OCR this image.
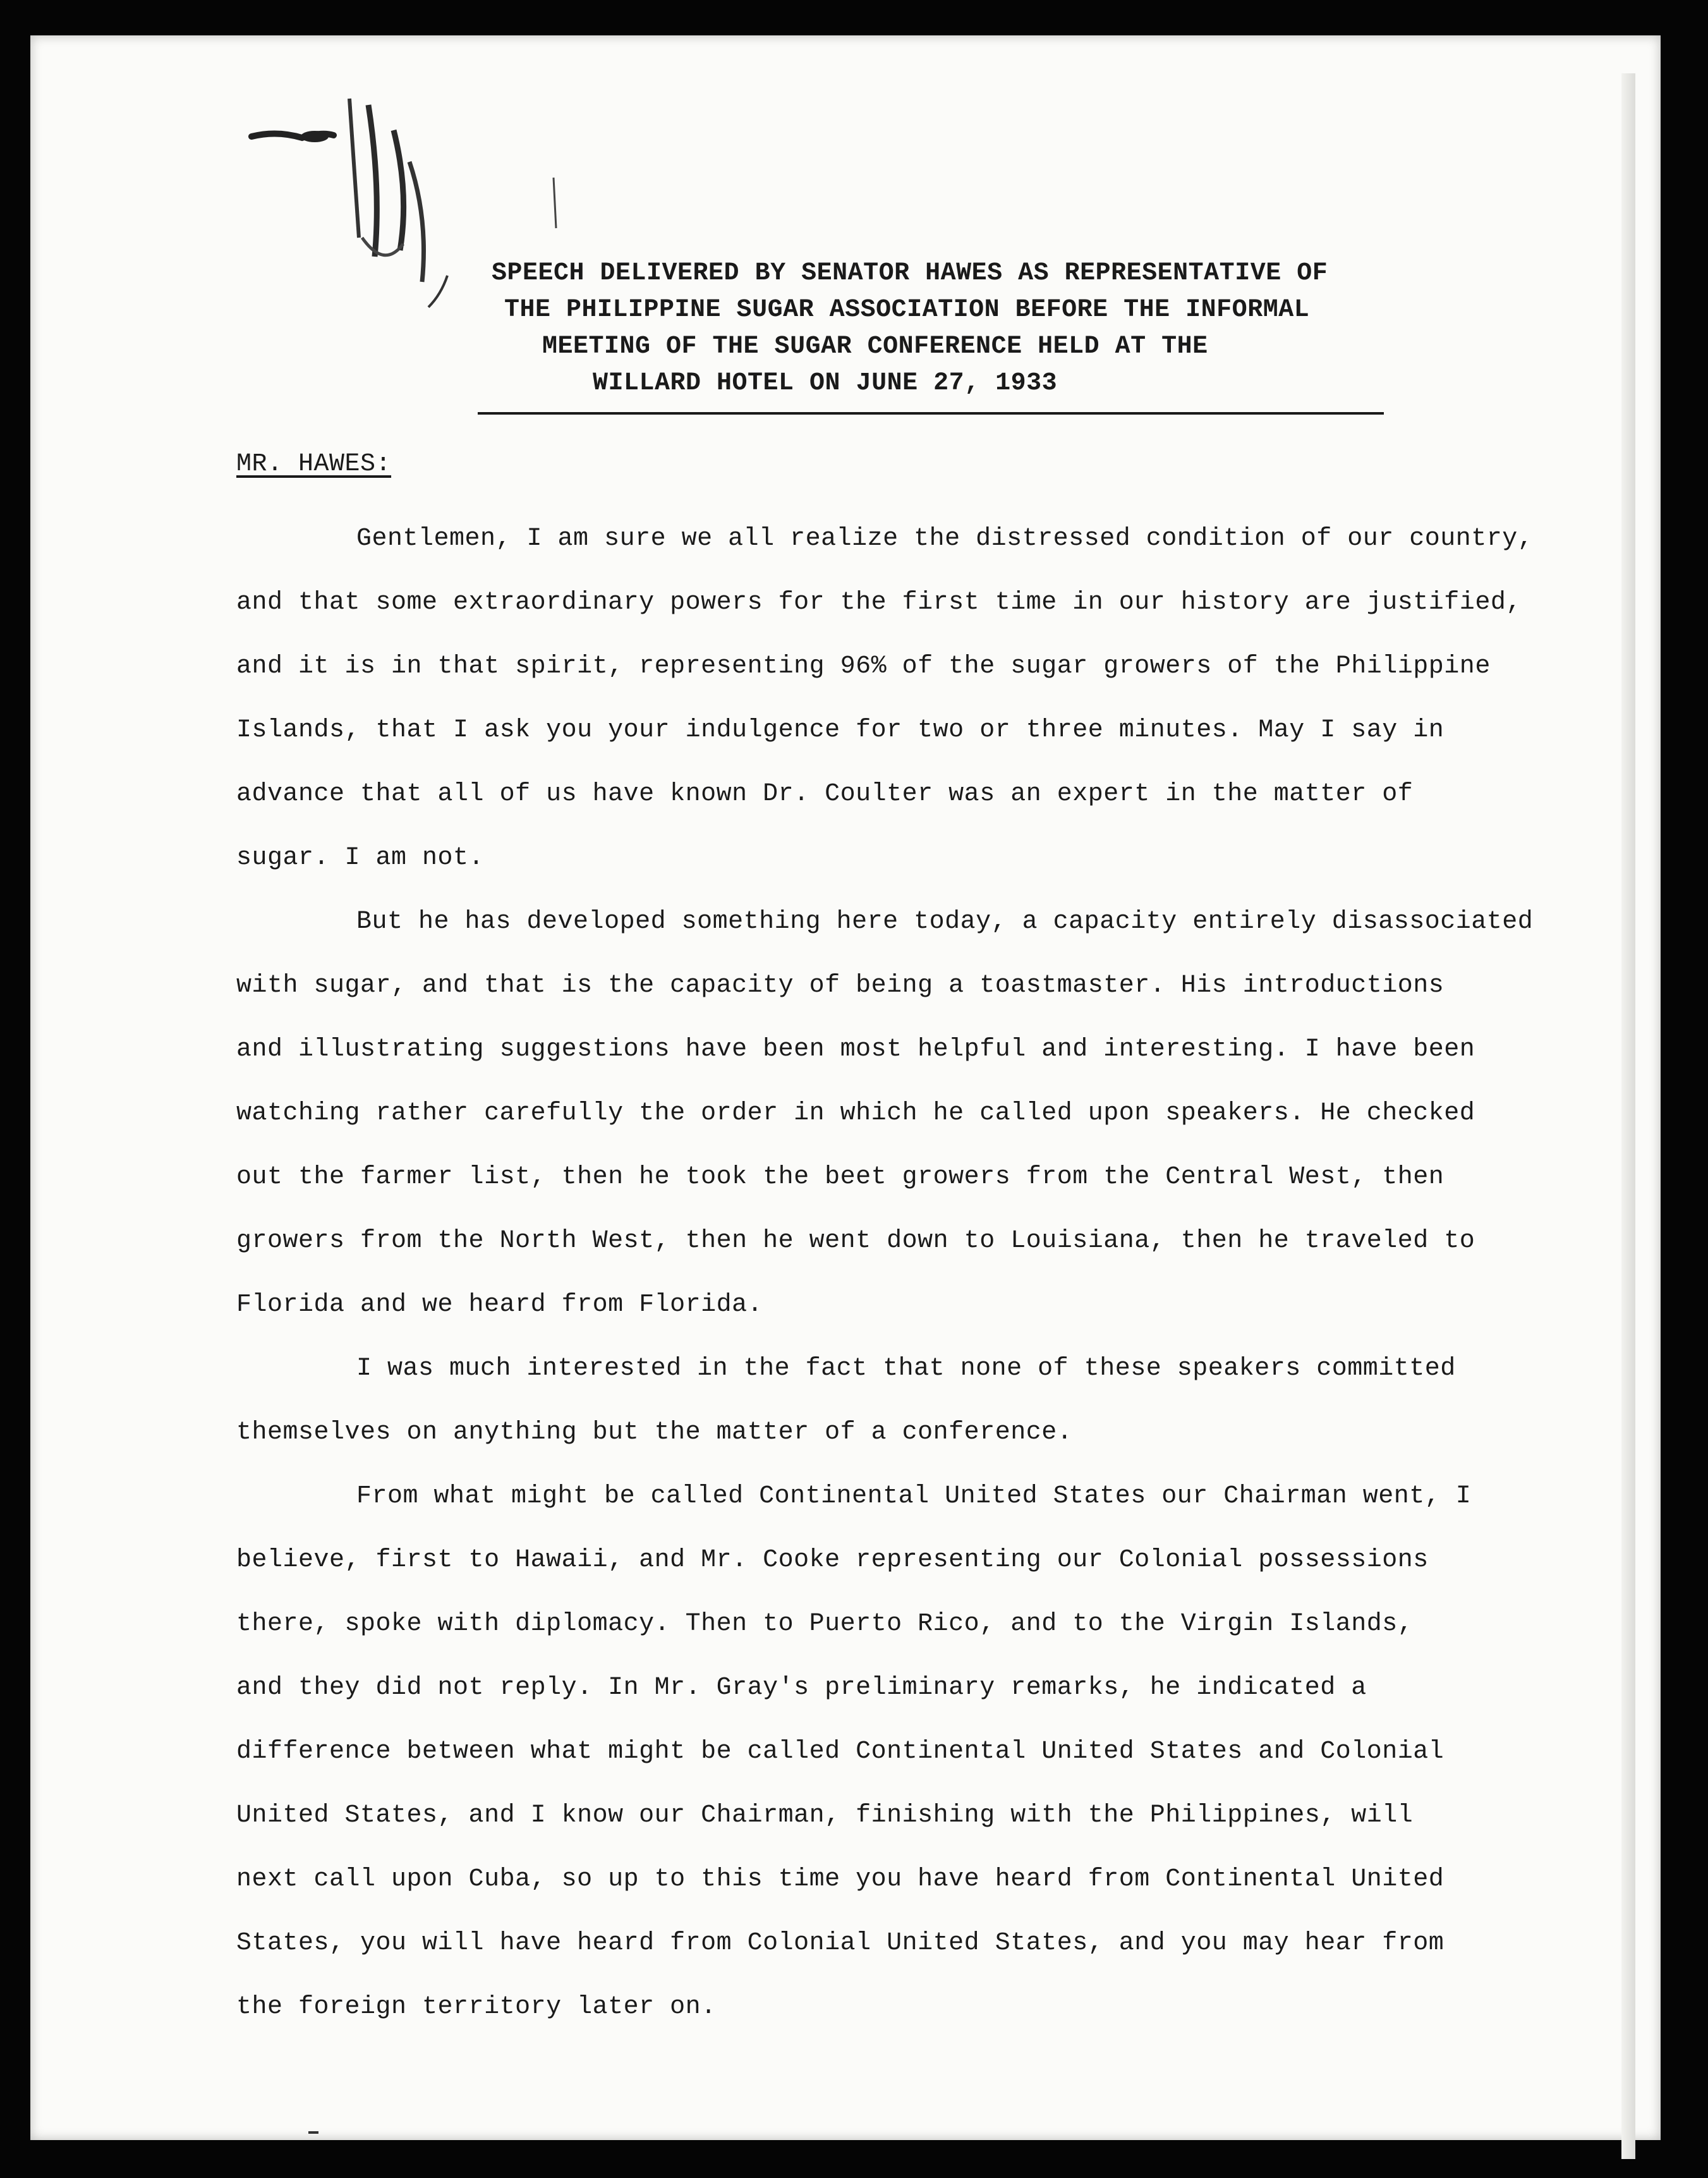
SPEECH DELIVERED BY SENATOR HAWES AS REPRESENTATIVE OF
THE PHILIPPINE SUGAR ASSOCIATION BEFORE THE INFORMAL
MEETING OF THE SUGAR CONFERENCE HELD AT THE
WILLARD HOTEL ON JUNE 27, 1933
MR. HAWES:

Gentlemen, I am sure we all realize the distressed condition of our country,
and that some extraordinary powers for the first time in our history are justified,
and it is in that spirit, representing 96% of the sugar growers of the Philippine
Islands, that I ask you your indulgence for two or three minutes. May I say in
advance that all of us have known Dr. Coulter was an expert in the matter of
sugar. I am not.

But he has developed something here today, a capacity entirely disassociated
with sugar, and that is the capacity of being a toastmaster. His introductions
and illustrating suggestions have been most helpful and interesting. I have been
watching rather carefully the order in which he called upon speakers. He checked
out the farmer list, then he took the beet growers from the Central West, then
growers from the North West, then he went down to Louisiana, then he traveled to
Florida and we heard from Florida.

I was much interested in the fact that none of these speakers committed
themselves on anything but the matter of a conference.

From what might be called Continental United States our Chairman went, I
believe, first to Hawaii, and Mr. Cooke representing our Colonial possessions
there, spoke with diplomacy. Then to Puerto Rico, and to the Virgin Islands,
and they did not reply. In Mr. Gray's preliminary remarks, he indicated a
difference between what might be called Continental United States and Colonial
United States, and I know our Chairman, finishing with the Philippines, will
next call upon Cuba, so up to this time you have heard from Continental United
States, you will have heard from Colonial United States, and you may hear from
the foreign territory later on.
